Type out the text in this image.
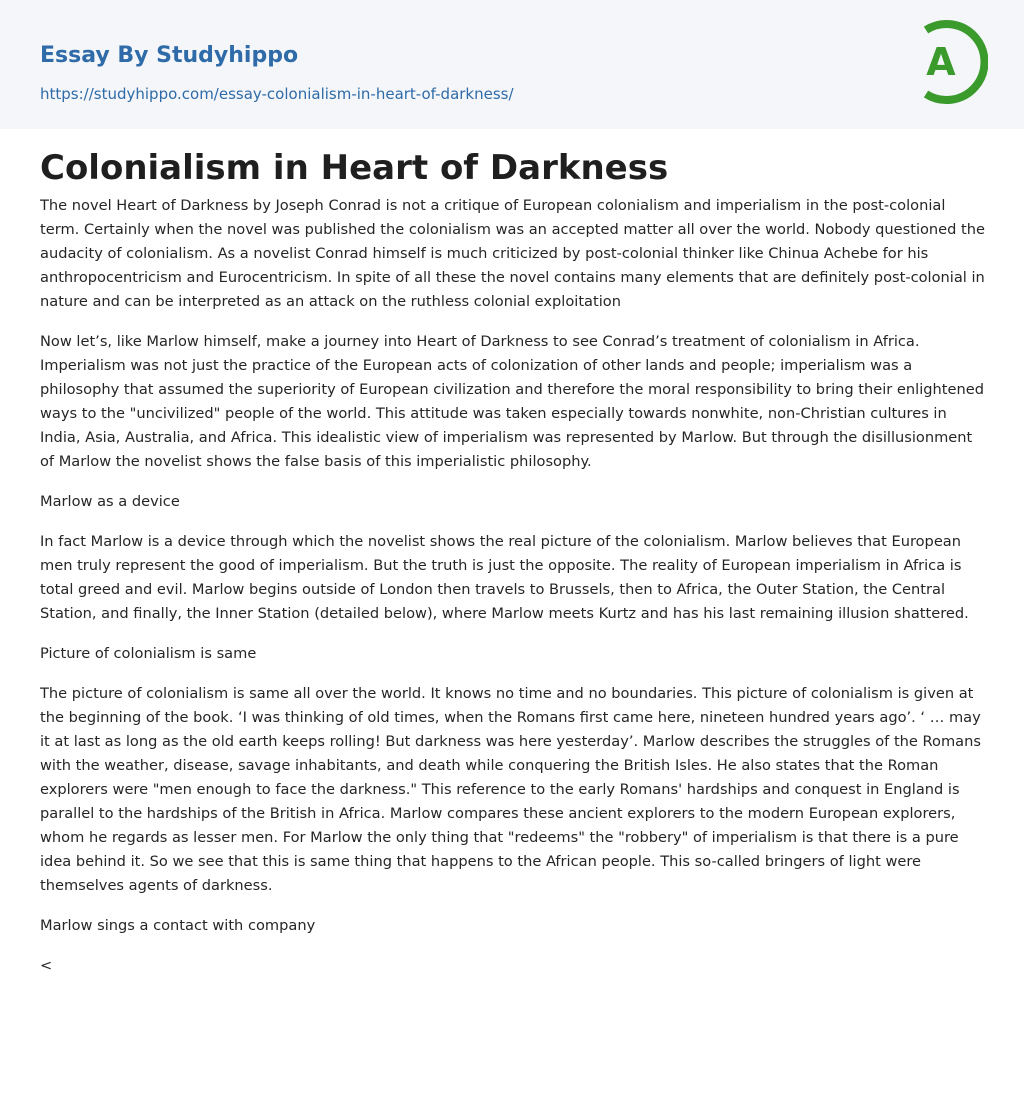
Essay By Studyhippo
https://studyhippo.com/essay-colonialism-in-heart-of-darkness/
A
Colonialism in Heart of Darkness

The novel Heart of Darkness by Joseph Conrad is not a critique of European colonialism and imperialism in the post-colonial term. Certainly when the novel was published the colonialism was an accepted matter all over the world. Nobody questioned the audacity of colonialism. As a novelist Conrad himself is much criticized by post-colonial thinker like Chinua Achebe for his anthropocentricism and Eurocentricism. In spite of all these the novel contains many elements that are definitely post-colonial in nature and can be interpreted as an attack on the ruthless colonial exploitation

Now let’s, like Marlow himself, make a journey into Heart of Darkness to see Conrad’s treatment of colonialism in Africa. Imperialism was not just the practice of the European acts of colonization of other lands and people; imperialism was a philosophy that assumed the superiority of European civilization and therefore the moral responsibility to bring their enlightened ways to the "uncivilized" people of the world. This attitude was taken especially towards nonwhite, non-Christian cultures in India, Asia, Australia, and Africa. This idealistic view of imperialism was represented by Marlow. But through the disillusionment of Marlow the novelist shows the false basis of this imperialistic philosophy.

Marlow as a device

In fact Marlow is a device through which the novelist shows the real picture of the colonialism. Marlow believes that European men truly represent the good of imperialism. But the truth is just the opposite. The reality of European imperialism in Africa is total greed and evil. Marlow begins outside of London then travels to Brussels, then to Africa, the Outer Station, the Central Station, and finally, the Inner Station (detailed below), where Marlow meets Kurtz and has his last remaining illusion shattered.

Picture of colonialism is same

The picture of colonialism is same all over the world. It knows no time and no boundaries. This picture of colonialism is given at the beginning of the book. ‘I was thinking of old times, when the Romans first came here, nineteen hundred years ago’. ‘ … may it at last as long as the old earth keeps rolling! But darkness was here yesterday’. Marlow describes the struggles of the Romans with the weather, disease, savage inhabitants, and death while conquering the British Isles. He also states that the Roman explorers were "men enough to face the darkness." This reference to the early Romans' hardships and conquest in England is parallel to the hardships of the British in Africa. Marlow compares these ancient explorers to the modern European explorers, whom he regards as lesser men. For Marlow the only thing that "redeems" the "robbery" of imperialism is that there is a pure idea behind it. So we see that this is same thing that happens to the African people. This so-called bringers of light were themselves agents of darkness.

Marlow sings a contact with company

<
